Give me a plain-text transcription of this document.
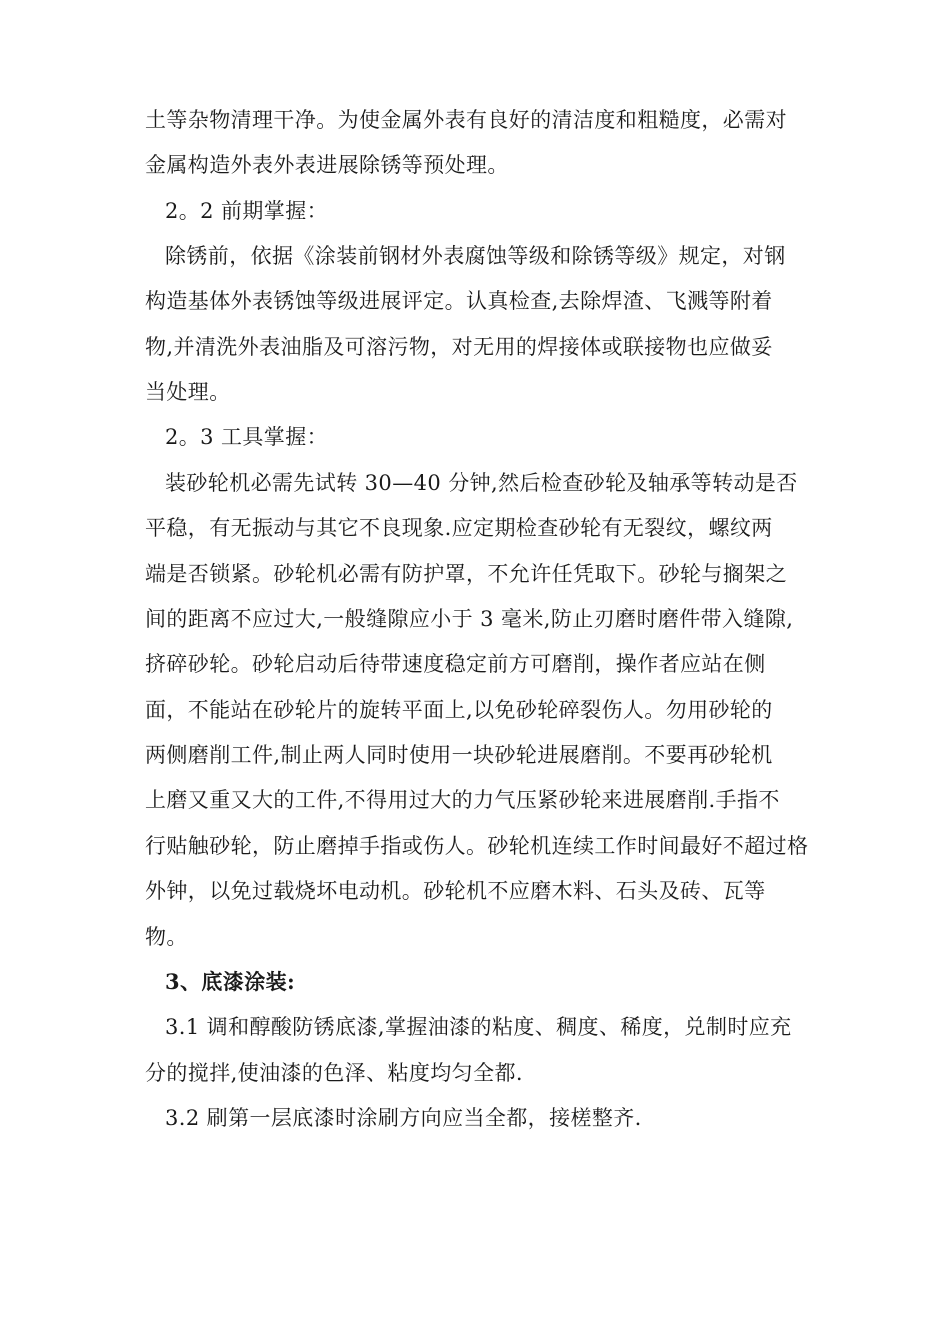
土等杂物清理干净。为使金属外表有良好的清洁度和粗糙度，必需对
金属构造外表外表进展除锈等预处理。
2。2 前期掌握：
除锈前，依据《涂装前钢材外表腐蚀等级和除锈等级》规定，对钢
构造基体外表锈蚀等级进展评定。认真检查,去除焊渣、飞溅等附着
物,并清洗外表油脂及可溶污物，对无用的焊接体或联接物也应做妥
当处理。
2。3 工具掌握：
装砂轮机必需先试转 30—40 分钟,然后检查砂轮及轴承等转动是否
平稳，有无振动与其它不良现象.应定期检查砂轮有无裂纹，螺纹两
端是否锁紧。砂轮机必需有防护罩，不允许任凭取下。砂轮与搁架之
间的距离不应过大,一般缝隙应小于 3 毫米,防止刃磨时磨件带入缝隙,
挤碎砂轮。砂轮启动后待带速度稳定前方可磨削，操作者应站在侧
面，不能站在砂轮片的旋转平面上,以免砂轮碎裂伤人。勿用砂轮的
两侧磨削工件,制止两人同时使用一块砂轮进展磨削。不要再砂轮机
上磨又重又大的工件,不得用过大的力气压紧砂轮来进展磨削.手指不
行贴触砂轮，防止磨掉手指或伤人。砂轮机连续工作时间最好不超过格
外钟，以免过载烧坏电动机。砂轮机不应磨木料、石头及砖、瓦等
物。
3、底漆涂装:
3.1 调和醇酸防锈底漆,掌握油漆的粘度、稠度、稀度，兑制时应充
分的搅拌,使油漆的色泽、粘度均匀全都.
3.2 刷第一层底漆时涂刷方向应当全都，接槎整齐.
